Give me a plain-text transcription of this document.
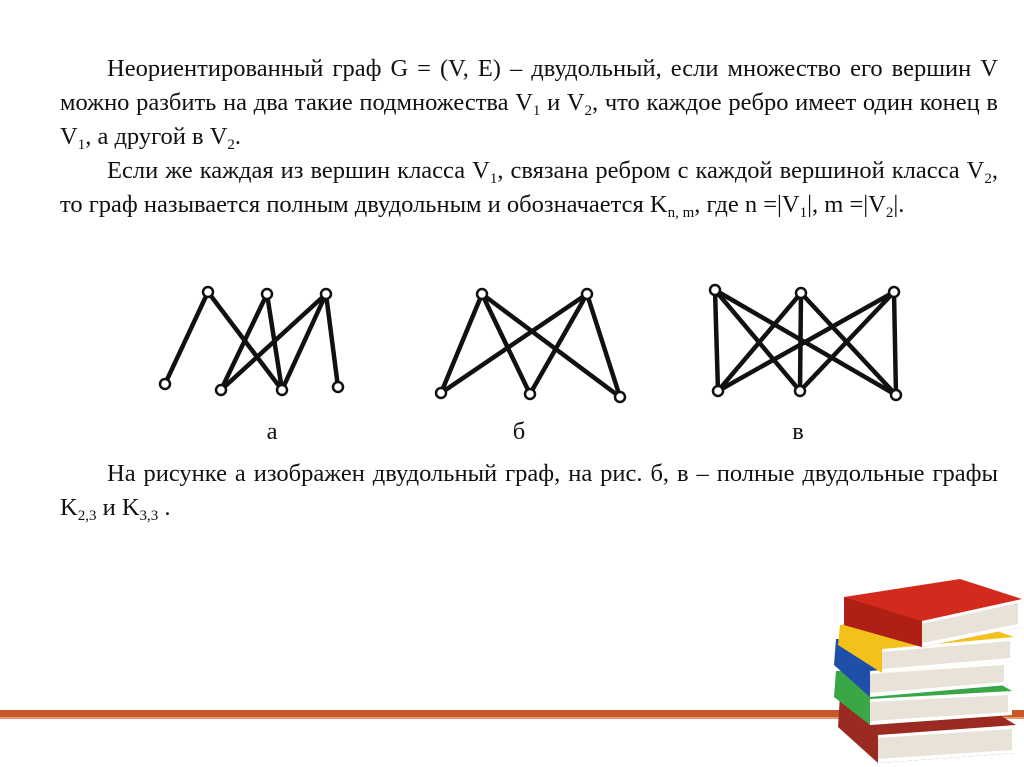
Неориентированный граф G = (V, E) – двудольный, если множество его вершин V можно разбить на два такие подмножества $V_1$ и $V_2$, что каждое ребро имеет один конец в $V_1$, а другой в $V_2$.

Если же каждая из вершин класса $V_1$, связана ребром с каждой вершиной класса $V_2$, то граф называется полным двудольным и обозначается $K_{n, m}$, где $n =|V_1|$, $m =|V_2|$.

а	б	в

На рисунке а изображен двудольный граф, на рис. б, в – полные двудольные графы $K_{2,3}$ и $K_{3,3}$ .
